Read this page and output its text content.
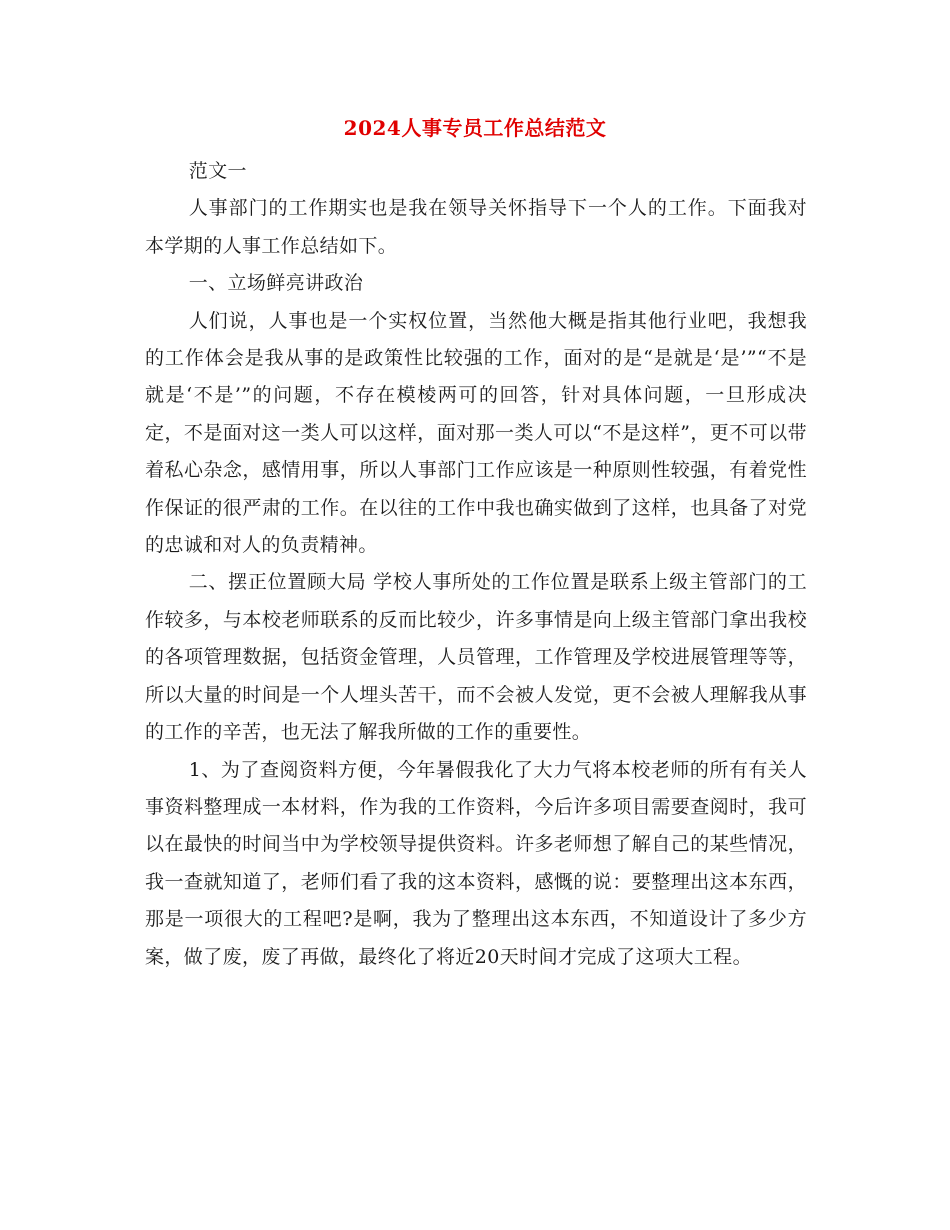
2024人事专员工作总结范文

范文一

人事部门的工作期实也是我在领导关怀指导下一个人的工作。下面我对本学期的人事工作总结如下。

一、立场鲜亮讲政治

人们说，人事也是一个实权位置，当然他大概是指其他行业吧，我想我的工作体会是我从事的是政策性比较强的工作，面对的是“是就是‘是’”“不是就是‘不是’”的问题，不存在模棱两可的回答，针对具体问题，一旦形成决定，不是面对这一类人可以这样，面对那一类人可以“不是这样”，更不可以带着私心杂念，感情用事，所以人事部门工作应该是一种原则性较强，有着党性作保证的很严肃的工作。在以往的工作中我也确实做到了这样，也具备了对党的忠诚和对人的负责精神。

二、摆正位置顾大局 学校人事所处的工作位置是联系上级主管部门的工作较多，与本校老师联系的反而比较少，许多事情是向上级主管部门拿出我校的各项管理数据，包括资金管理，人员管理，工作管理及学校进展管理等等，所以大量的时间是一个人埋头苦干，而不会被人发觉，更不会被人理解我从事的工作的辛苦，也无法了解我所做的工作的重要性。

1、为了查阅资料方便，今年暑假我化了大力气将本校老师的所有有关人事资料整理成一本材料，作为我的工作资料，今后许多项目需要查阅时，我可以在最快的时间当中为学校领导提供资料。许多老师想了解自己的某些情况，我一查就知道了，老师们看了我的这本资料，感慨的说：要整理出这本东西，那是一项很大的工程吧?是啊，我为了整理出这本东西，不知道设计了多少方案，做了废，废了再做，最终化了将近20天时间才完成了这项大工程。
